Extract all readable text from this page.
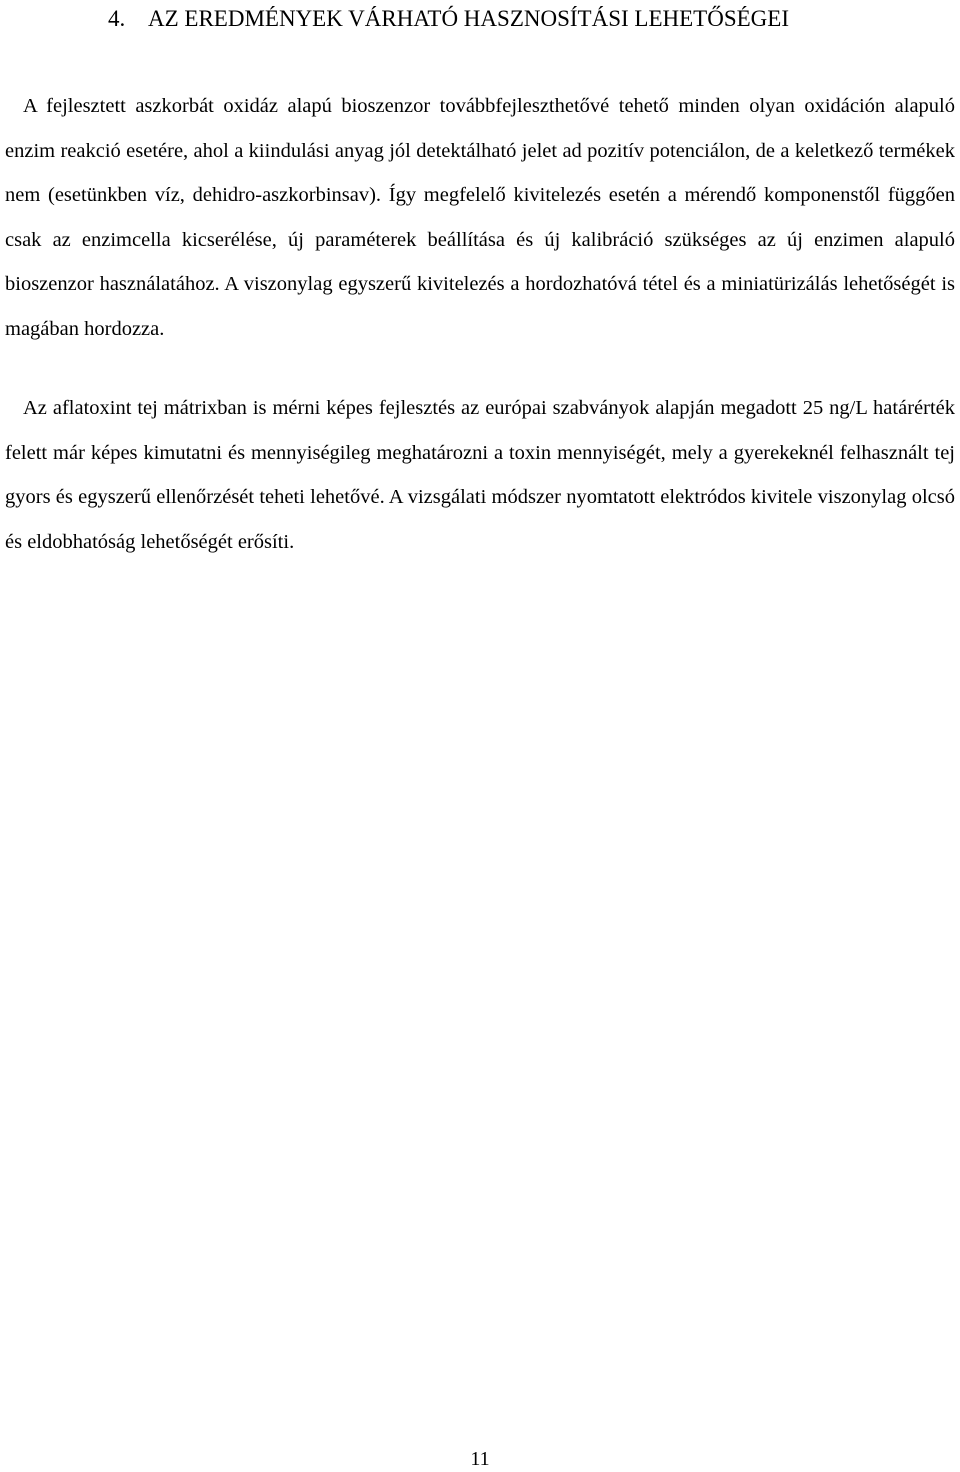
4. AZ EREDMÉNYEK VÁRHATÓ HASZNOSÍTÁSI LEHETŐSÉGEI

A fejlesztett aszkorbát oxidáz alapú bioszenzor továbbfejleszthetővé tehető minden olyan oxidáción alapuló enzim reakció esetére, ahol a kiindulási anyag jól detektálható jelet ad pozitív potenciálon, de a keletkező termékek nem (esetünkben víz, dehidro-aszkorbinsav). Így megfelelő kivitelezés esetén a mérendő komponenstől függően csak az enzimcella kicserélése, új paraméterek beállítása és új kalibráció szükséges az új enzimen alapuló bioszenzor használatához. A viszonylag egyszerű kivitelezés a hordozhatóvá tétel és a miniatürizálás lehetőségét is magában hordozza.

Az aflatoxint tej mátrixban is mérni képes fejlesztés az európai szabványok alapján megadott 25 ng/L határérték felett már képes kimutatni és mennyiségileg meghatározni a toxin mennyiségét, mely a gyerekeknél felhasznált tej gyors és egyszerű ellenőrzését teheti lehetővé. A vizsgálati módszer nyomtatott elektródos kivitele viszonylag olcsó és eldobhatóság lehetőségét erősíti.

11
